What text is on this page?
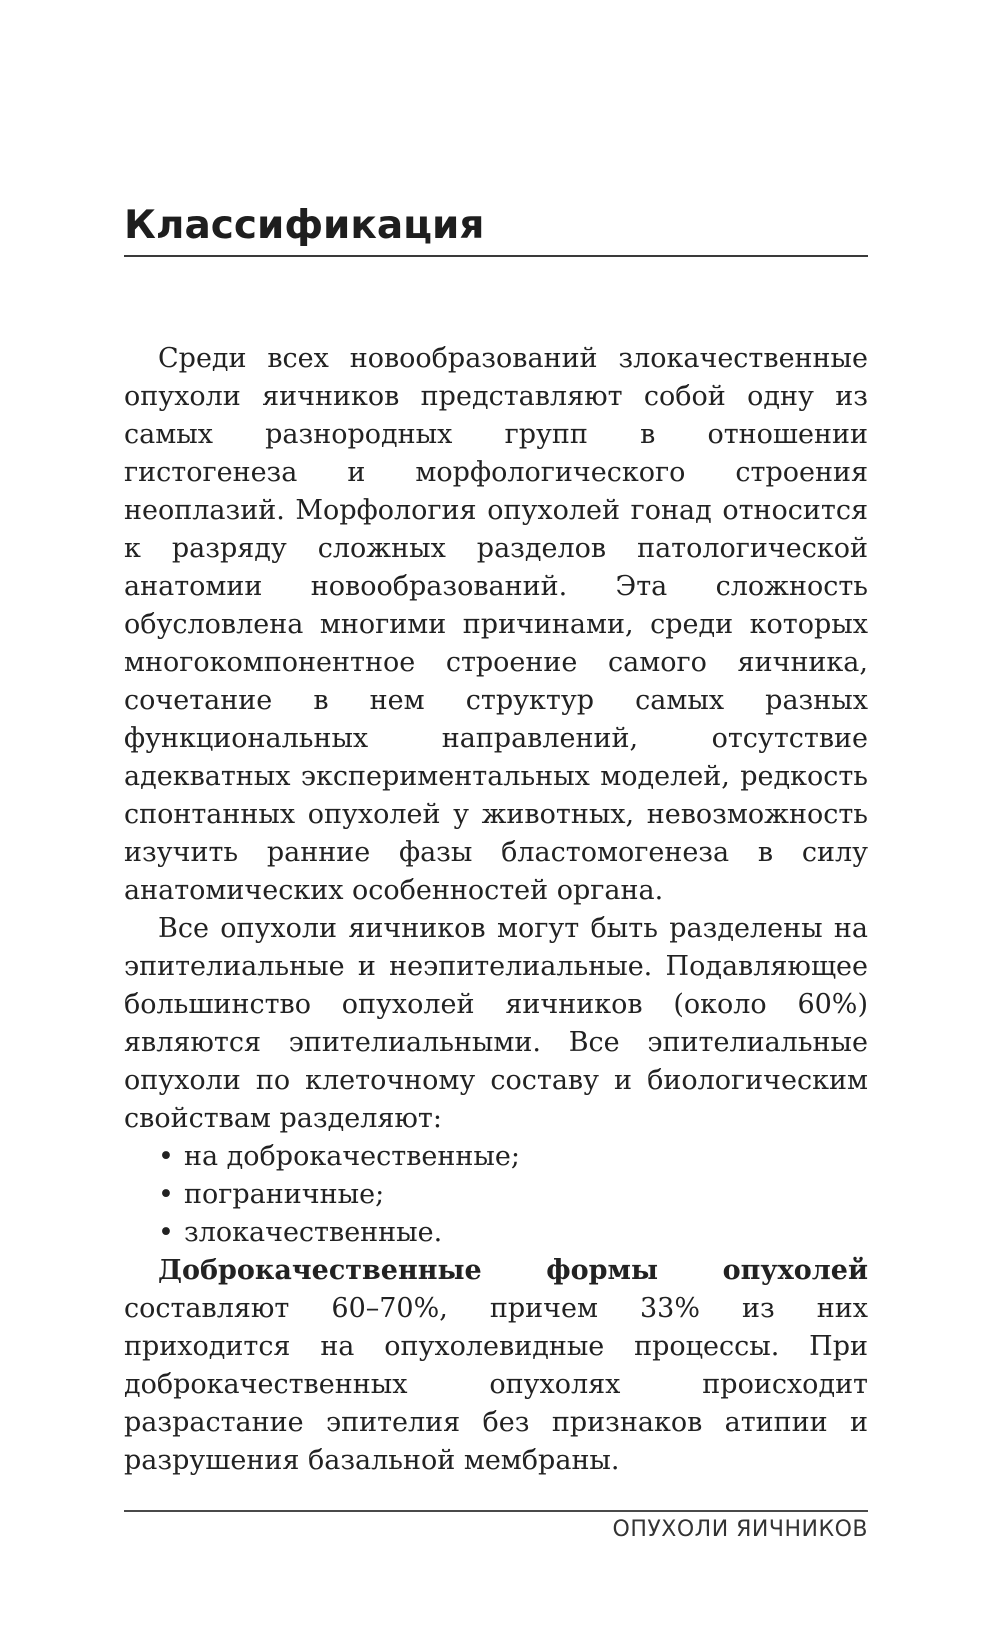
Классификация

Среди всех новообразований злокачественные опухоли яичников представляют собой одну из самых разнородных групп в отношении гистогенеза и морфологического строения неоплазий. Морфология опухолей гонад относится к разряду сложных разделов патологической анатомии новообразований. Эта сложность обусловлена многими причинами, среди которых многокомпонентное строение самого яичника, сочетание в нем структур самых разных функциональных направлений, отсутствие адекватных экспериментальных моделей, редкость спонтанных опухолей у животных, невозможность изучить ранние фазы бластомогенеза в силу анатомических особенностей органа.

Все опухоли яичников могут быть разделены на эпителиальные и неэпителиальные. Подавляющее большинство опухолей яичников (около 60%) являются эпителиальными. Все эпителиальные опухоли по клеточному составу и биологическим свойствам разделяют:

• на доброкачественные;
• пограничные;
• злокачественные.

Доброкачественные формы опухолей составляют 60–70%, причем 33% из них приходится на опухолевидные процессы. При доброкачественных опухолях происходит разрастание эпителия без признаков атипии и разрушения базальной мембраны.

ОПУХОЛИ ЯИЧНИКОВ
